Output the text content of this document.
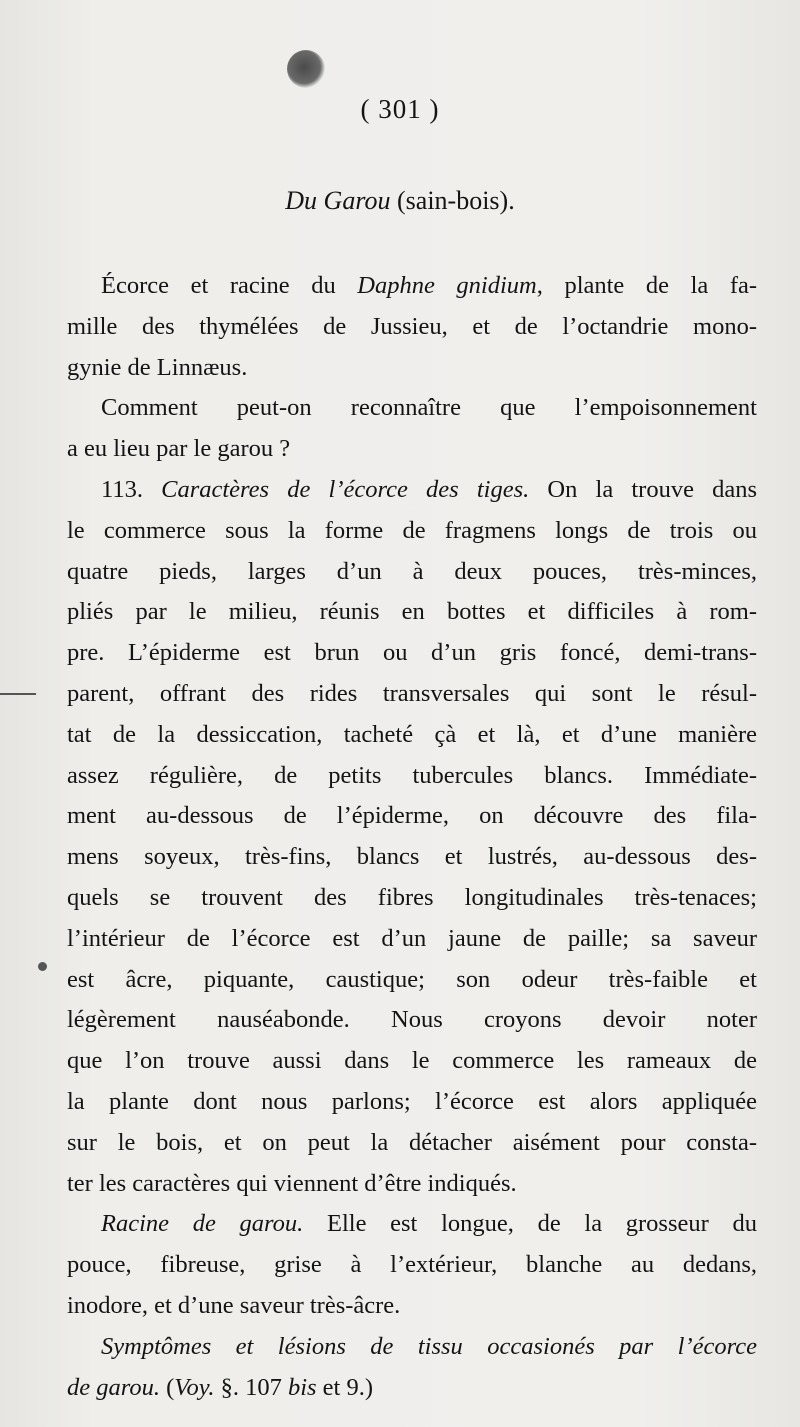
( 301 )
Du Garou (sain-bois).

Écorce et racine du Daphne gnidium, plante de la fa-
mille des thymélées de Jussieu, et de l’octandrie mono-
gynie de Linnæus.

Comment peut-on reconnaître que l’empoisonnement
a eu lieu par le garou ?

113. Caractères de l’écorce des tiges. On la trouve dans
le commerce sous la forme de fragmens longs de trois ou
quatre pieds, larges d’un à deux pouces, très-minces,
pliés par le milieu, réunis en bottes et difficiles à rom-
pre. L’épiderme est brun ou d’un gris foncé, demi-trans-
parent, offrant des rides transversales qui sont le résul-
tat de la dessiccation, tacheté çà et là, et d’une manière
assez régulière, de petits tubercules blancs. Immédiate-
ment au-dessous de l’épiderme, on découvre des fila-
mens soyeux, très-fins, blancs et lustrés, au-dessous des-
quels se trouvent des fibres longitudinales très-tenaces;
l’intérieur de l’écorce est d’un jaune de paille; sa saveur
est âcre, piquante, caustique; son odeur très-faible et
légèrement nauséabonde. Nous croyons devoir noter
que l’on trouve aussi dans le commerce les rameaux de
la plante dont nous parlons; l’écorce est alors appliquée
sur le bois, et on peut la détacher aisément pour consta-
ter les caractères qui viennent d’être indiqués.

Racine de garou. Elle est longue, de la grosseur du
pouce, fibreuse, grise à l’extérieur, blanche au dedans,
inodore, et d’une saveur très-âcre.

Symptômes et lésions de tissu occasionés par l’écorce
de garou. (Voy. §. 107 bis et 9.)
